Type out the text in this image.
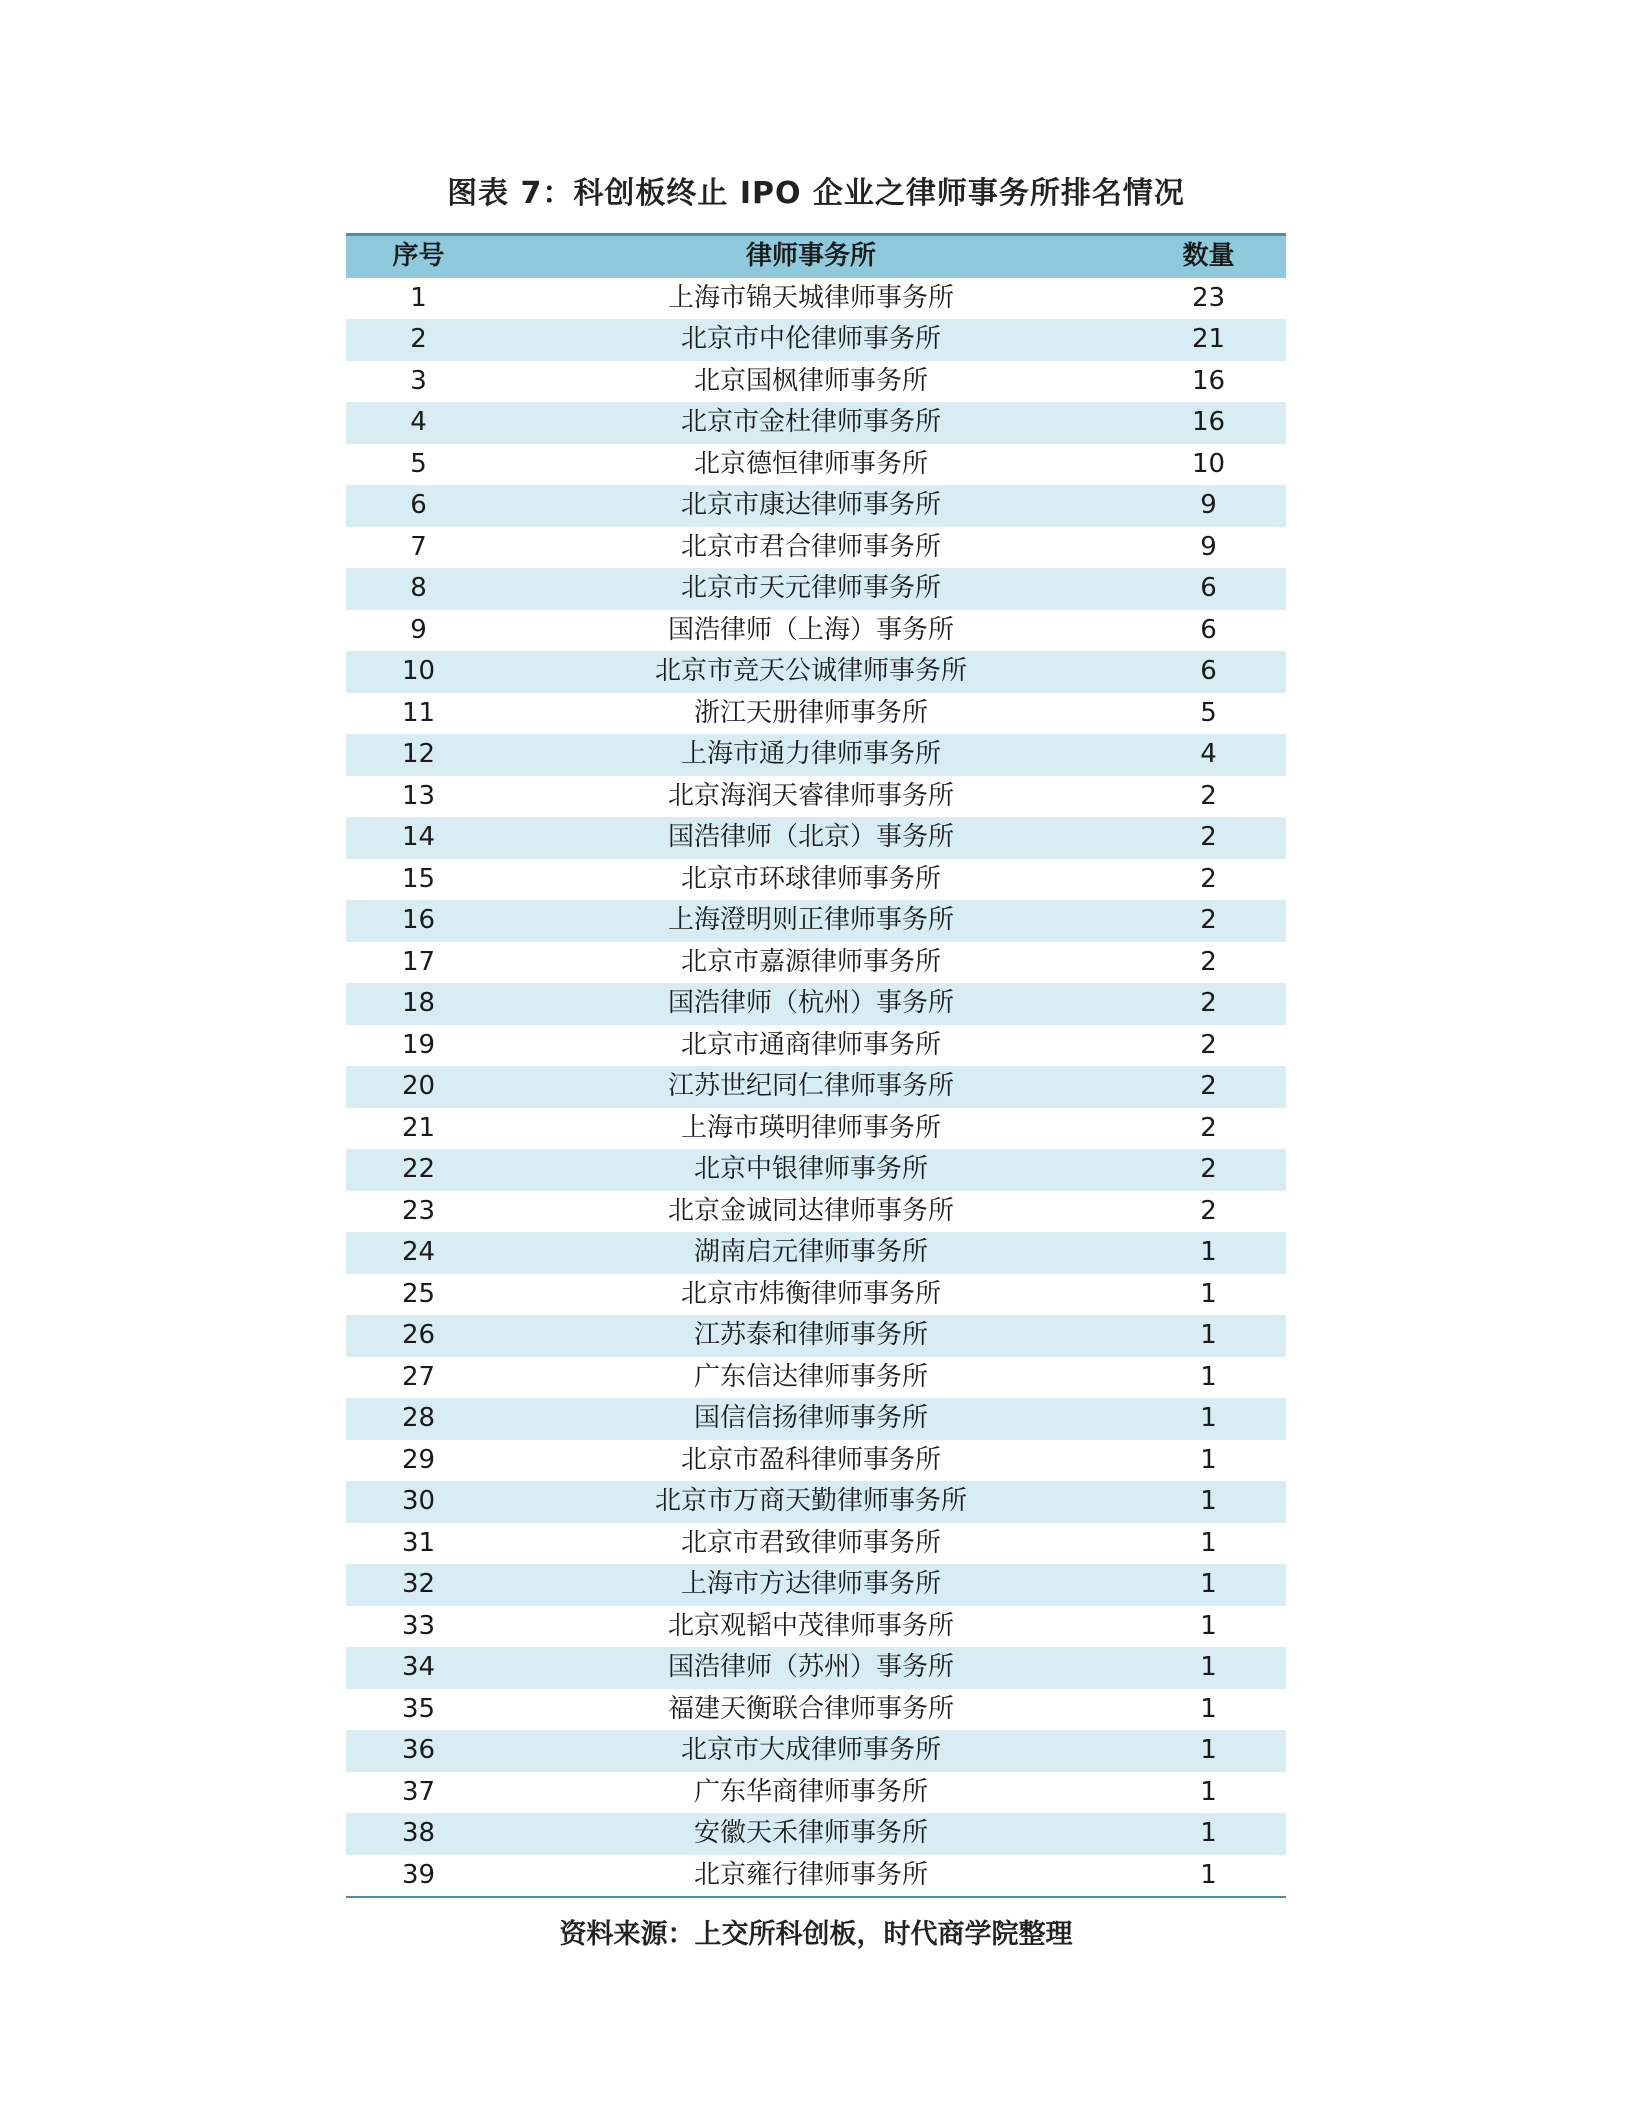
图表 7：科创板终止 IPO 企业之律师事务所排名情况
序号	律师事务所	数量
1	上海市锦天城律师事务所	23
2	北京市中伦律师事务所	21
3	北京国枫律师事务所	16
4	北京市金杜律师事务所	16
5	北京德恒律师事务所	10
6	北京市康达律师事务所	9
7	北京市君合律师事务所	9
8	北京市天元律师事务所	6
9	国浩律师（上海）事务所	6
10	北京市竞天公诚律师事务所	6
11	浙江天册律师事务所	5
12	上海市通力律师事务所	4
13	北京海润天睿律师事务所	2
14	国浩律师（北京）事务所	2
15	北京市环球律师事务所	2
16	上海澄明则正律师事务所	2
17	北京市嘉源律师事务所	2
18	国浩律师（杭州）事务所	2
19	北京市通商律师事务所	2
20	江苏世纪同仁律师事务所	2
21	上海市瑛明律师事务所	2
22	北京中银律师事务所	2
23	北京金诚同达律师事务所	2
24	湖南启元律师事务所	1
25	北京市炜衡律师事务所	1
26	江苏泰和律师事务所	1
27	广东信达律师事务所	1
28	国信信扬律师事务所	1
29	北京市盈科律师事务所	1
30	北京市万商天勤律师事务所	1
31	北京市君致律师事务所	1
32	上海市方达律师事务所	1
33	北京观韬中茂律师事务所	1
34	国浩律师（苏州）事务所	1
35	福建天衡联合律师事务所	1
36	北京市大成律师事务所	1
37	广东华商律师事务所	1
38	安徽天禾律师事务所	1
39	北京雍行律师事务所	1
资料来源：上交所科创板，时代商学院整理
